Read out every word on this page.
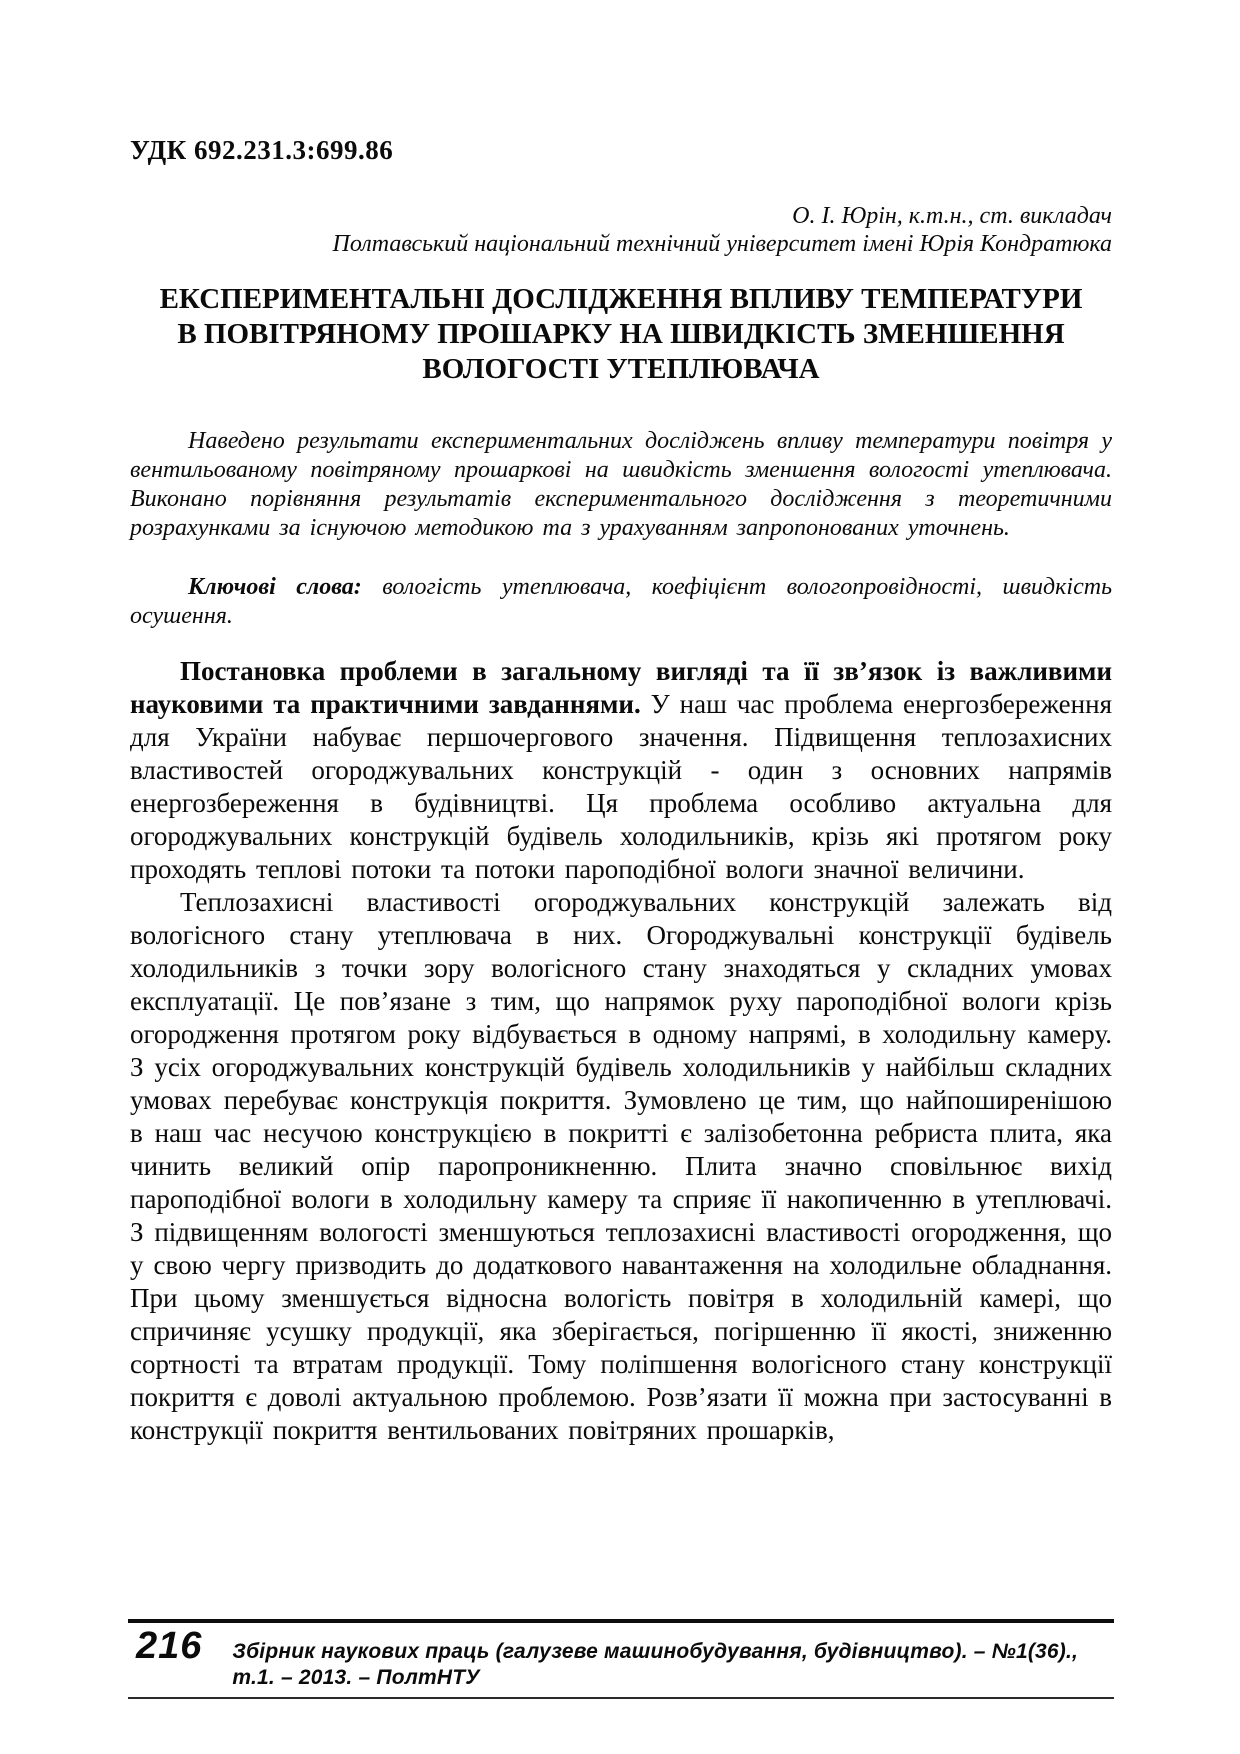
УДК 692.231.3:699.86
О. І. Юрін, к.т.н., ст. викладач
Полтавський національний технічний університет імені Юрія Кондратюка
ЕКСПЕРИМЕНТАЛЬНІ ДОСЛІДЖЕННЯ ВПЛИВУ ТЕМПЕРАТУРИ
В ПОВІТРЯНОМУ ПРОШАРКУ НА ШВИДКІСТЬ ЗМЕНШЕННЯ
ВОЛОГОСТІ УТЕПЛЮВАЧА

Наведено результати експериментальних досліджень впливу температури повітря у вентильованому повітряному прошаркові на швидкість зменшення вологості утеплювача. Виконано порівняння результатів експериментального дослідження з теоретичними розрахунками за існуючою методикою та з урахуванням запропонованих уточнень.

Ключові слова: вологість утеплювача, коефіцієнт вологопровідності, швидкість осушення.

Постановка проблеми в загальному вигляді та її зв’язок із важливими науковими та практичними завданнями. У наш час проблема енергозбереження для України набуває першочергового значення. Підвищення теплозахисних властивостей огороджувальних конструкцій - один з основних напрямів енергозбереження в будівництві. Ця проблема особливо актуальна для огороджувальних конструкцій будівель холодильників, крізь які протягом року проходять теплові потоки та потоки пароподібної вологи значної величини.

Теплозахисні властивості огороджувальних конструкцій залежать від вологісного стану утеплювача в них. Огороджувальні конструкції будівель холодильників з точки зору вологісного стану знаходяться у складних умовах експлуатації. Це пов’язане з тим, що напрямок руху пароподібної вологи крізь огородження протягом року відбувається в одному напрямі, в холодильну камеру. З усіх огороджувальних конструкцій будівель холодильників у найбільш складних умовах перебуває конструкція покриття. Зумовлено це тим, що найпоширенішою в наш час несучою конструкцією в покритті є залізобетонна ребриста плита, яка чинить великий опір паропроникненню. Плита значно сповільнює вихід пароподібної вологи в холодильну камеру та сприяє її накопиченню в утеплювачі. З підвищенням вологості зменшуються теплозахисні властивості огородження, що у свою чергу призводить до додаткового навантаження на холодильне обладнання. При цьому зменшується відносна вологість повітря в холодильній камері, що спричиняє усушку продукції, яка зберігається, погіршенню її якості, зниженню сортності та втратам продукції. Тому поліпшення вологісного стану конструкції покриття є доволі актуальною проблемою. Розв’язати її можна при застосуванні в конструкції покриття вентильованих повітряних прошарків,

216 Збірник наукових праць (галузеве машинобудування, будівництво). – №1(36)., т.1. – 2013. – ПолтНТУ
